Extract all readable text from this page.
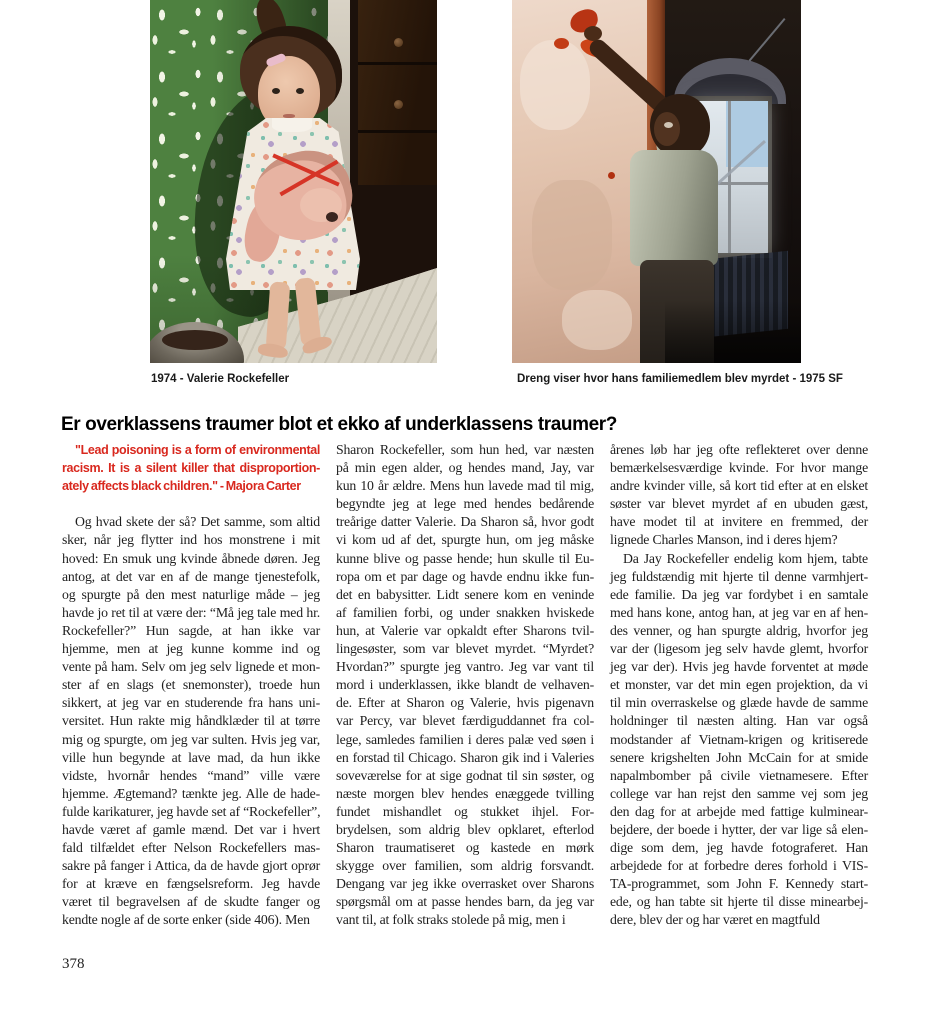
1974 - Valerie Rockefeller	Dreng viser hvor hans familiemedlem blev myrdet - 1975 SF
Er overklassens traumer blot et ekko af underklassens traumer?
"Lead poisoning is a form of environmental
racism. It is a silent killer that disproportion-
ately affects black children." - Majora Carter
Og hvad skete der så? Det samme, som altid
sker, når jeg flytter ind hos monstrene i mit
hoved: En smuk ung kvinde åbnede døren. Jeg
antog, at det var en af de mange tjenestefolk,
og spurgte på den mest naturlige måde – jeg
havde jo ret til at være der: “Må jeg tale med hr.
Rockefeller?” Hun sagde, at han ikke var
hjemme, men at jeg kunne komme ind og
vente på ham. Selv om jeg selv lignede et mon-
ster af en slags (et snemonster), troede hun
sikkert, at jeg var en studerende fra hans uni-
versitet. Hun rakte mig håndklæder til at tørre
mig og spurgte, om jeg var sulten. Hvis jeg var,
ville hun begynde at lave mad, da hun ikke
vidste, hvornår hendes “mand” ville være
hjemme. Ægtemand? tænkte jeg. Alle de hade-
fulde karikaturer, jeg havde set af “Rockefeller”,
havde været af gamle mænd. Det var i hvert
fald tilfældet efter Nelson Rockefellers mas-
sakre på fanger i Attica, da de havde gjort oprør
for at kræve en fængselsreform. Jeg havde
været til begravelsen af de skudte fanger og
kendte nogle af de sorte enker (side 406). Men
Sharon Rockefeller, som hun hed, var næsten
på min egen alder, og hendes mand, Jay, var
kun 10 år ældre. Mens hun lavede mad til mig,
begyndte jeg at lege med hendes bedårende
treårige datter Valerie. Da Sharon så, hvor godt
vi kom ud af det, spurgte hun, om jeg måske
kunne blive og passe hende; hun skulle til Eu-
ropa om et par dage og havde endnu ikke fun-
det en babysitter. Lidt senere kom en veninde
af familien forbi, og under snakken hviskede
hun, at Valerie var opkaldt efter Sharons tvil-
lingesøster, som var blevet myrdet. “Myrdet?
Hvordan?” spurgte jeg vantro. Jeg var vant til
mord i underklassen, ikke blandt de velhaven-
de. Efter at Sharon og Valerie, hvis pigenavn
var Percy, var blevet færdiguddannet fra col-
lege, samledes familien i deres palæ ved søen i
en forstad til Chicago. Sharon gik ind i Valeries
soveværelse for at sige godnat til sin søster, og
næste morgen blev hendes enæggede tvilling
fundet mishandlet og stukket ihjel. For-
brydelsen, som aldrig blev opklaret, efterlod
Sharon traumatiseret og kastede en mørk
skygge over familien, som aldrig forsvandt.
Dengang var jeg ikke overrasket over Sharons
spørgsmål om at passe hendes barn, da jeg var
vant til, at folk straks stolede på mig, men i
årenes løb har jeg ofte reflekteret over denne
bemærkelsesværdige kvinde. For hvor mange
andre kvinder ville, så kort tid efter at en elsket
søster var blevet myrdet af en ubuden gæst,
have modet til at invitere en fremmed, der
lignede Charles Manson, ind i deres hjem?
Da Jay Rockefeller endelig kom hjem, tabte
jeg fuldstændig mit hjerte til denne varmhjert-
ede familie. Da jeg var fordybet i en samtale
med hans kone, antog han, at jeg var en af hen-
des venner, og han spurgte aldrig, hvorfor jeg
var der (ligesom jeg selv havde glemt, hvorfor
jeg var der). Hvis jeg havde forventet at møde
et monster, var det min egen projektion, da vi
til min overraskelse og glæde havde de samme
holdninger til næsten alting. Han var også
modstander af Vietnam-krigen og kritiserede
senere krigshelten John McCain for at smide
napalmbomber på civile vietnamesere. Efter
college var han rejst den samme vej som jeg
den dag for at arbejde med fattige kulminear-
bejdere, der boede i hytter, der var lige så elen-
dige som dem, jeg havde fotograferet. Han
arbejdede for at forbedre deres forhold i VIS-
TA-programmet, som John F. Kennedy start-
ede, og han tabte sit hjerte til disse minearbej-
dere, blev der og har været en magtfuld
378
